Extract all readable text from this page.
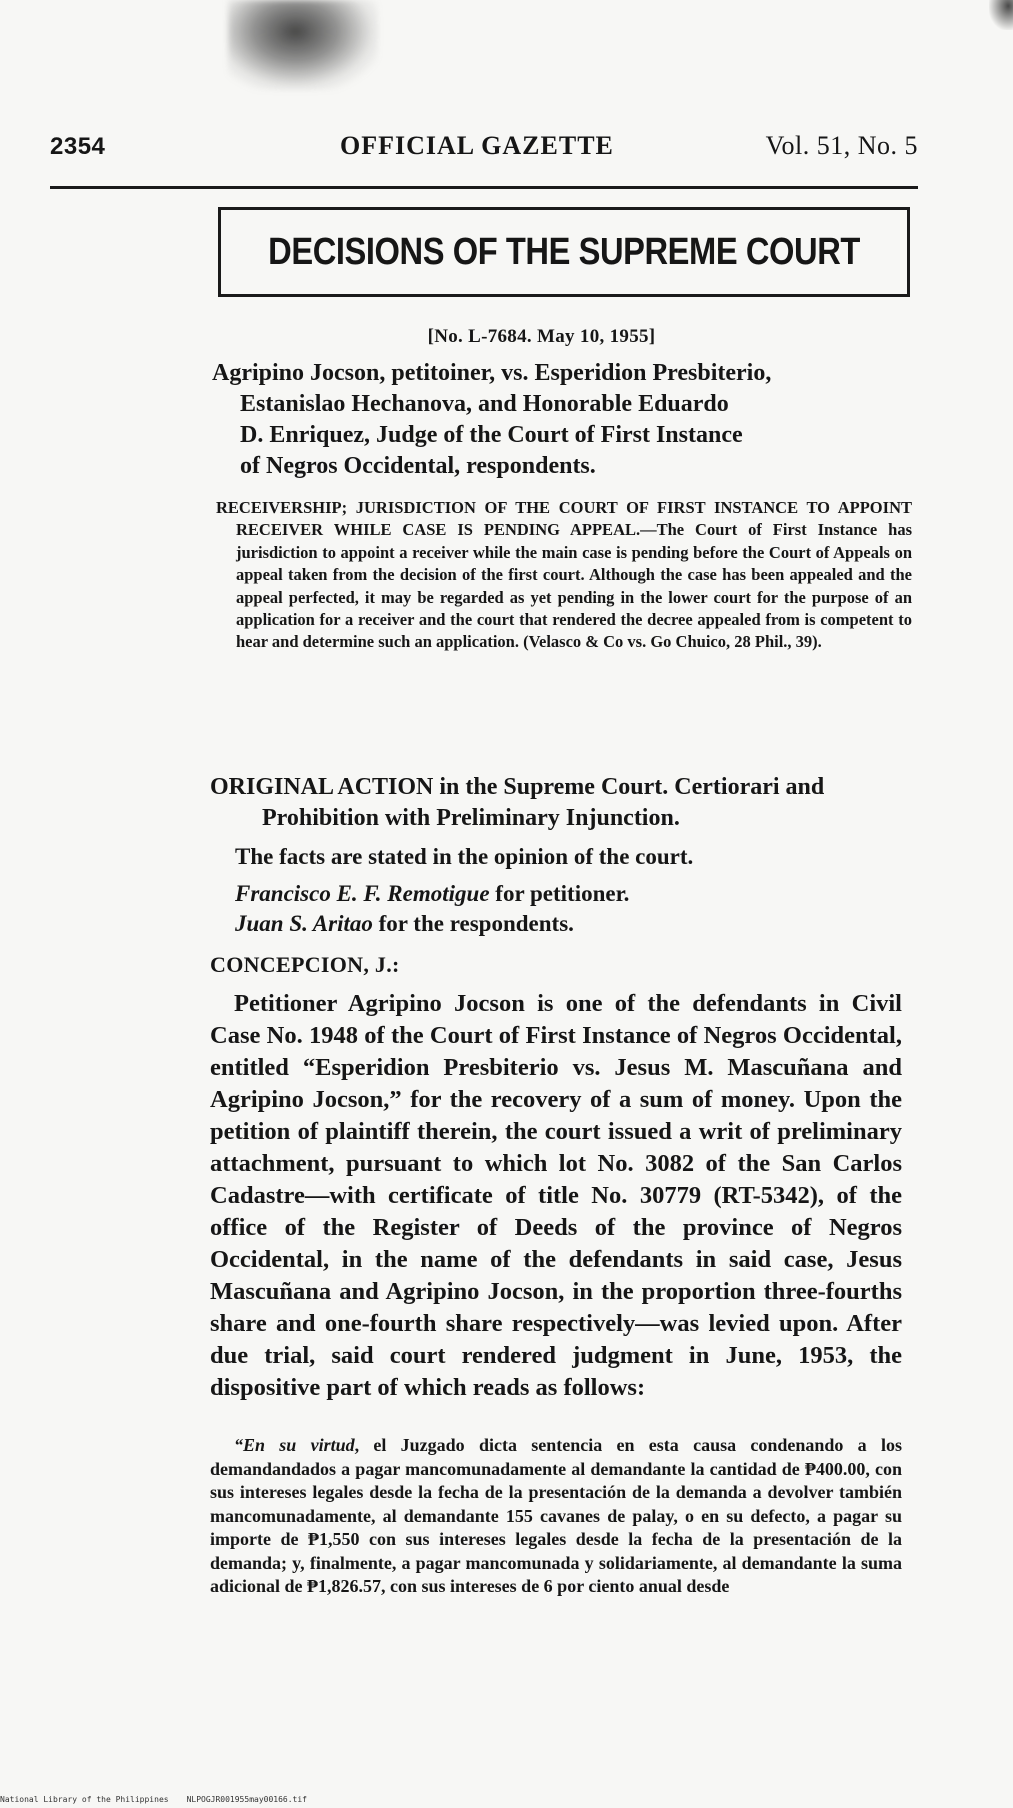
2354	OFFICIAL GAZETTE	Vol. 51, No. 5
DECISIONS OF THE SUPREME COURT
[No. L-7684. May 10, 1955]
Agripino Jocson, petitoiner, vs. Esperidion Presbiterio,
Estanislao Hechanova, and Honorable Eduardo
D. Enriquez, Judge of the Court of First Instance
of Negros Occidental, respondents.
RECEIVERSHIP; JURISDICTION OF THE COURT OF FIRST INSTANCE TO APPOINT RECEIVER WHILE CASE IS PENDING APPEAL.—The Court of First Instance has jurisdiction to appoint a receiver while the main case is pending before the Court of Appeals on appeal taken from the decision of the first court. Although the case has been appealed and the appeal perfected, it may be regarded as yet pending in the lower court for the purpose of an application for a receiver and the court that rendered the decree appealed from is competent to hear and determine such an application. (Velasco & Co vs. Go Chuico, 28 Phil., 39).
ORIGINAL ACTION in the Supreme Court. Certiorari and Prohibition with Preliminary Injunction.
The facts are stated in the opinion of the court.
Francisco E. F. Remotigue for petitioner.
Juan S. Aritao for the respondents.
CONCEPCION, J.:
Petitioner Agripino Jocson is one of the defendants in Civil Case No. 1948 of the Court of First Instance of Negros Occidental, entitled “Esperidion Presbiterio vs. Jesus M. Mascuñana and Agripino Jocson,” for the recovery of a sum of money. Upon the petition of plaintiff therein, the court issued a writ of preliminary attachment, pursuant to which lot No. 3082 of the San Carlos Cadastre—with certificate of title No. 30779 (RT-5342), of the office of the Register of Deeds of the province of Negros Occidental, in the name of the defendants in said case, Jesus Mascuñana and Agripino Jocson, in the proportion three-fourths share and one-fourth share respectively—was levied upon. After due trial, said court rendered judgment in June, 1953, the dispositive part of which reads as follows:
“En su virtud, el Juzgado dicta sentencia en esta causa condenando a los demandandados a pagar mancomunadamente al demandante la cantidad de ₱400.00, con sus intereses legales desde la fecha de la presentación de la demanda a devolver también mancomunadamente, al demandante 155 cavanes de palay, o en su defecto, a pagar su importe de ₱1,550 con sus intereses legales desde la fecha de la presentación de la demanda; y, finalmente, a pagar mancomunada y solidariamente, al demandante la suma adicional de ₱1,826.57, con sus intereses de 6 por ciento anual desde
National Library of the Philippines NLPOGJR001955may00166.tif
